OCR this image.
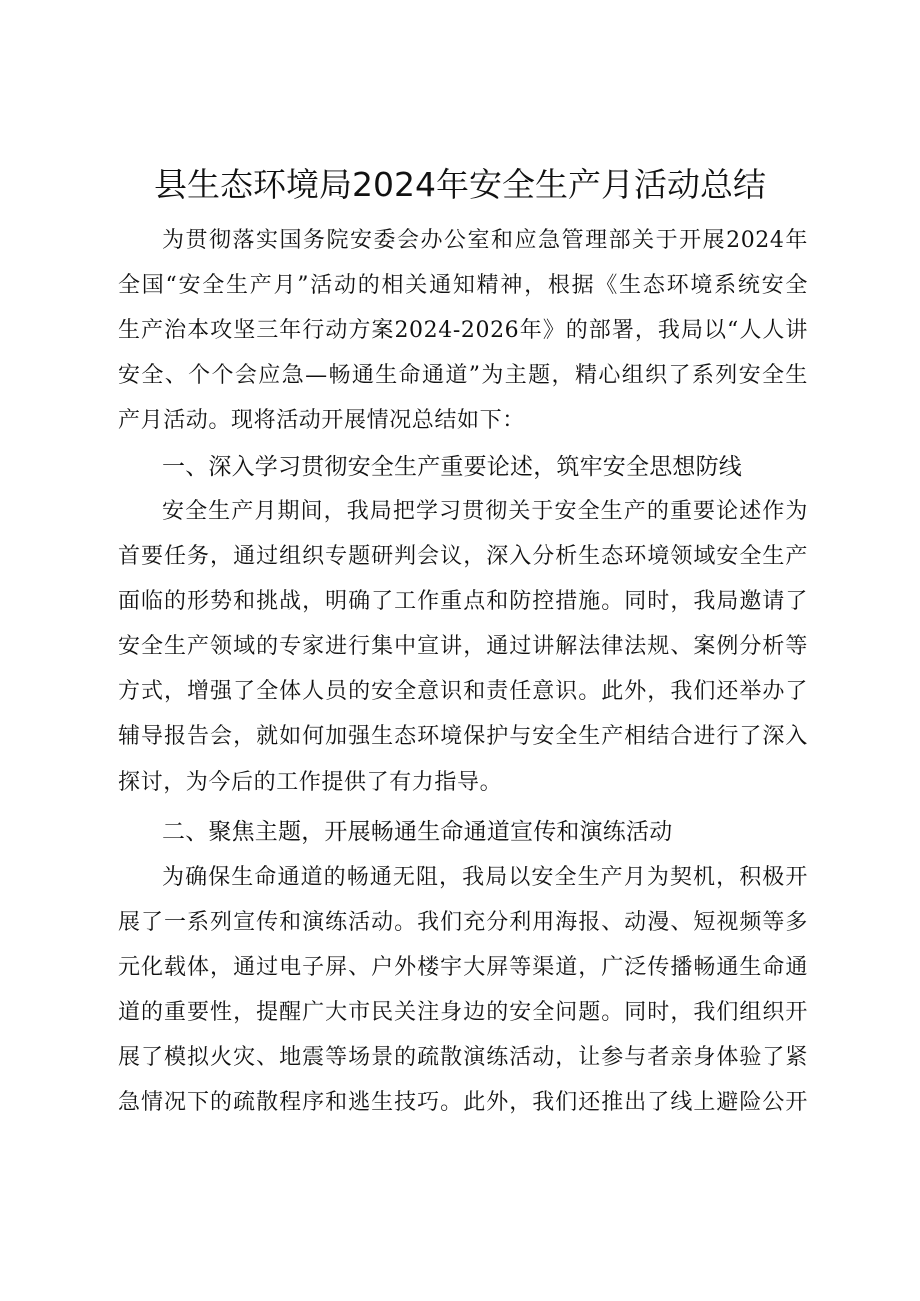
县生态环境局2024年安全生产月活动总结
为贯彻落实国务院安委会办公室和应急管理部关于开展2024年
全国“安全生产月”活动的相关通知精神，根据《生态环境系统安全
生产治本攻坚三年行动方案2024-2026年》的部署，我局以“人人讲
安全、个个会应急—畅通生命通道”为主题，精心组织了系列安全生
产月活动。现将活动开展情况总结如下：
一、深入学习贯彻安全生产重要论述，筑牢安全思想防线
安全生产月期间，我局把学习贯彻关于安全生产的重要论述作为
首要任务，通过组织专题研判会议，深入分析生态环境领域安全生产
面临的形势和挑战，明确了工作重点和防控措施。同时，我局邀请了
安全生产领域的专家进行集中宣讲，通过讲解法律法规、案例分析等
方式，增强了全体人员的安全意识和责任意识。此外，我们还举办了
辅导报告会，就如何加强生态环境保护与安全生产相结合进行了深入
探讨，为今后的工作提供了有力指导。
二、聚焦主题，开展畅通生命通道宣传和演练活动
为确保生命通道的畅通无阻，我局以安全生产月为契机，积极开
展了一系列宣传和演练活动。我们充分利用海报、动漫、短视频等多
元化载体，通过电子屏、户外楼宇大屏等渠道，广泛传播畅通生命通
道的重要性，提醒广大市民关注身边的安全问题。同时，我们组织开
展了模拟火灾、地震等场景的疏散演练活动，让参与者亲身体验了紧
急情况下的疏散程序和逃生技巧。此外，我们还推出了线上避险公开
